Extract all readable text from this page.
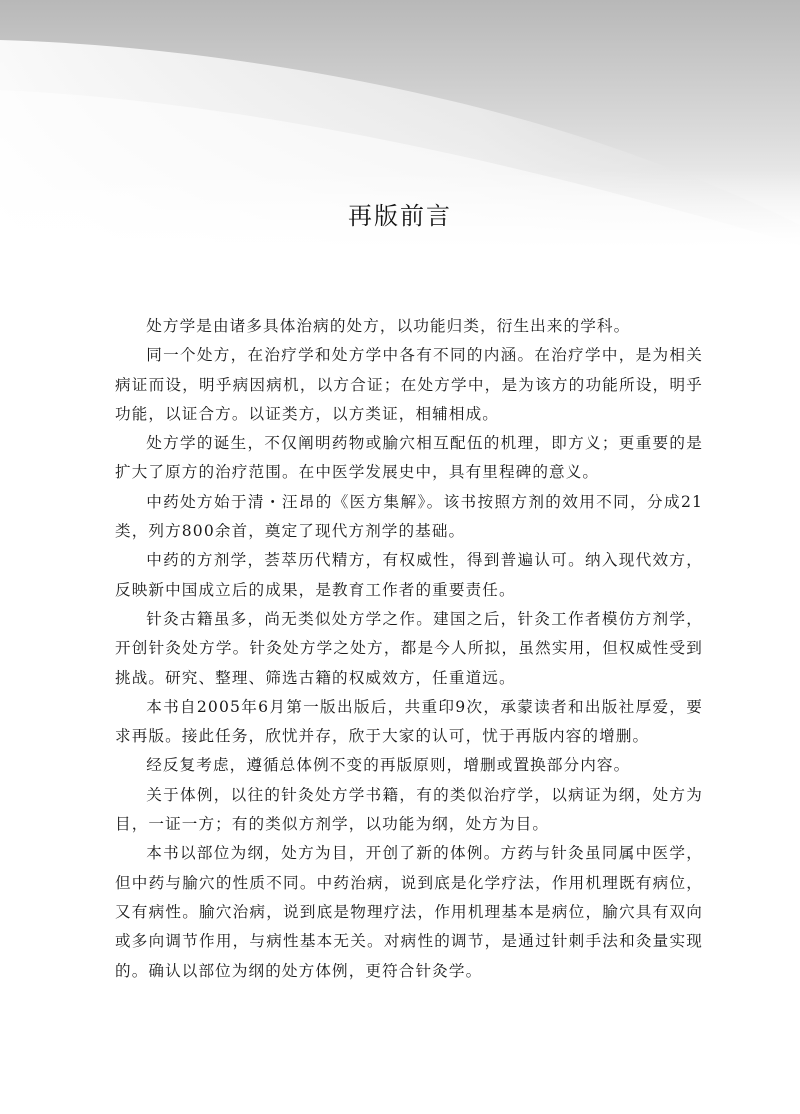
再版前言

处方学是由诸多具体治病的处方，以功能归类，衍生出来的学科。

同一个处方，在治疗学和处方学中各有不同的内涵。在治疗学中，是为相关病证而设，明乎病因病机，以方合证；在处方学中，是为该方的功能所设，明乎功能，以证合方。以证类方，以方类证，相辅相成。

处方学的诞生，不仅阐明药物或腧穴相互配伍的机理，即方义；更重要的是扩大了原方的治疗范围。在中医学发展史中，具有里程碑的意义。

中药处方始于清・汪昂的《医方集解》。该书按照方剂的效用不同，分成21类，列方800余首，奠定了现代方剂学的基础。

中药的方剂学，荟萃历代精方，有权威性，得到普遍认可。纳入现代效方，反映新中国成立后的成果，是教育工作者的重要责任。

针灸古籍虽多，尚无类似处方学之作。建国之后，针灸工作者模仿方剂学，开创针灸处方学。针灸处方学之处方，都是今人所拟，虽然实用，但权威性受到挑战。研究、整理、筛选古籍的权威效方，任重道远。

本书自2005年6月第一版出版后，共重印9次，承蒙读者和出版社厚爱，要求再版。接此任务，欣忧并存，欣于大家的认可，忧于再版内容的增删。

经反复考虑，遵循总体例不变的再版原则，增删或置换部分内容。

关于体例，以往的针灸处方学书籍，有的类似治疗学，以病证为纲，处方为目，一证一方；有的类似方剂学，以功能为纲，处方为目。

本书以部位为纲，处方为目，开创了新的体例。方药与针灸虽同属中医学，但中药与腧穴的性质不同。中药治病，说到底是化学疗法，作用机理既有病位，又有病性。腧穴治病，说到底是物理疗法，作用机理基本是病位，腧穴具有双向或多向调节作用，与病性基本无关。对病性的调节，是通过针刺手法和灸量实现的。确认以部位为纲的处方体例，更符合针灸学。
